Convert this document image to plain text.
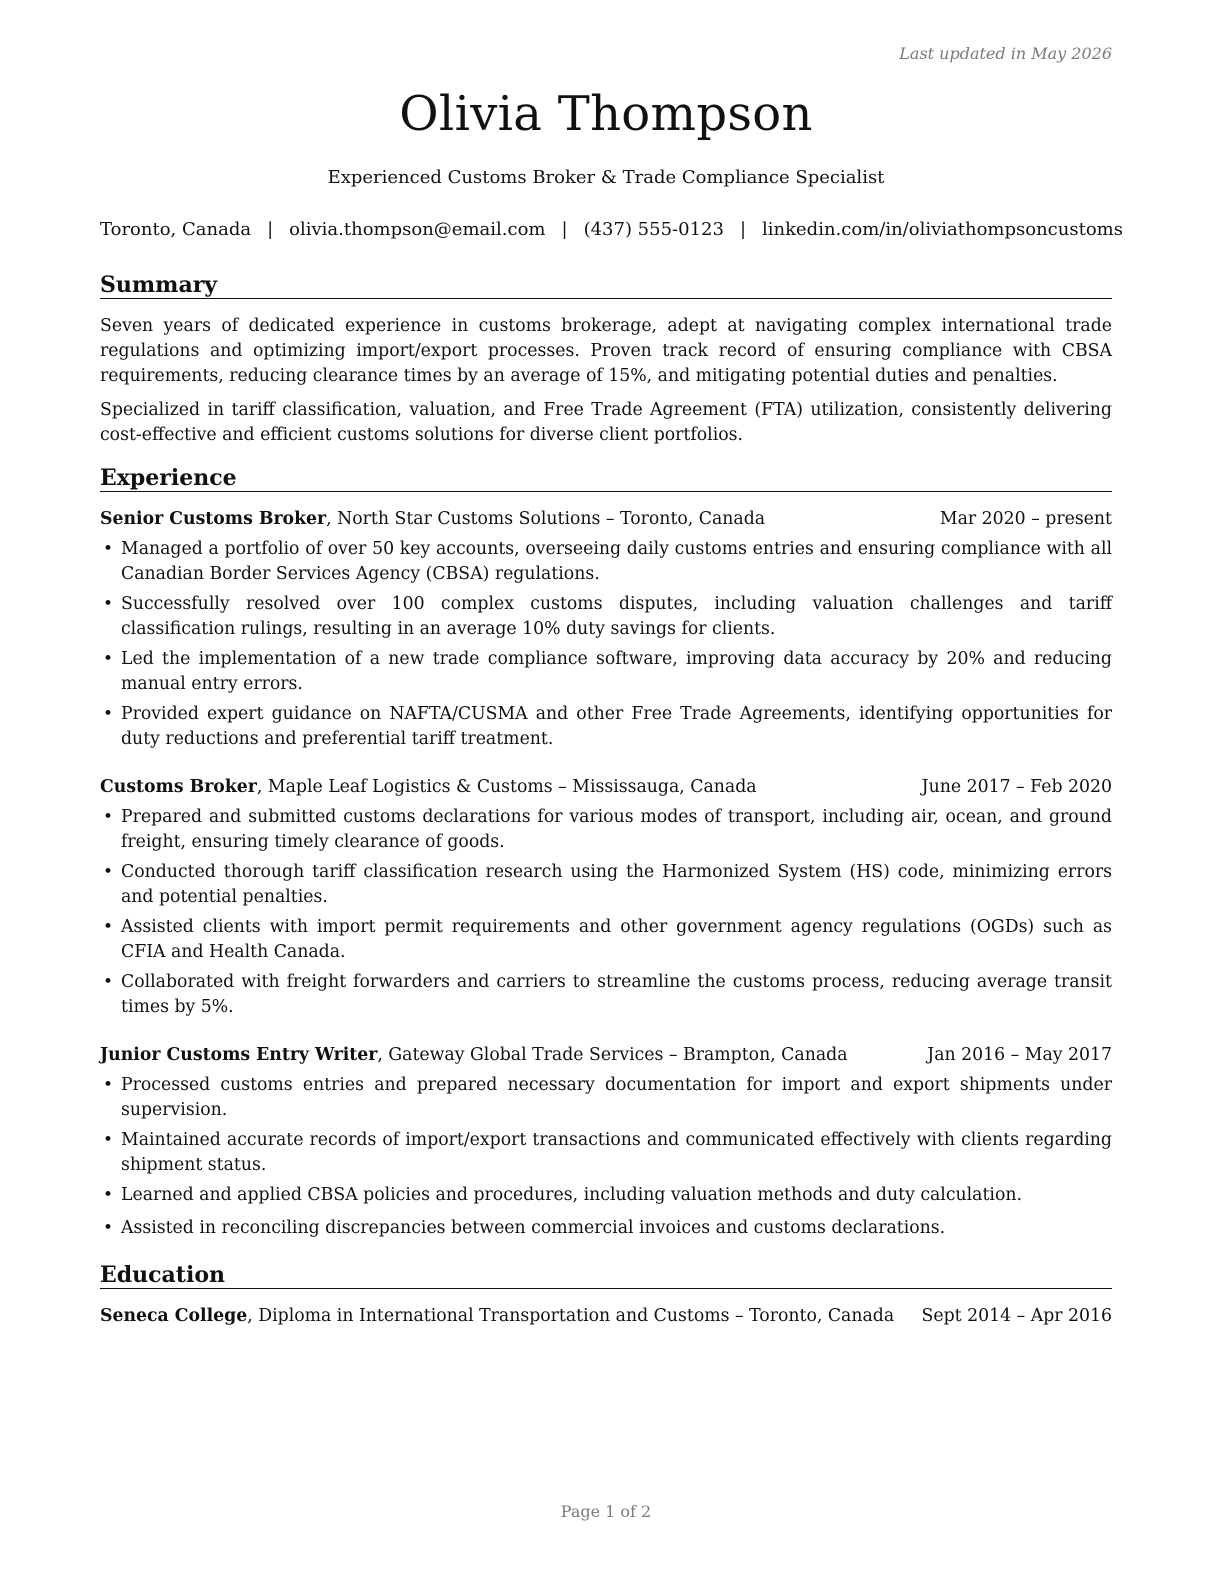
Last updated in May 2026
Olivia Thompson
Experienced Customs Broker & Trade Compliance Specialist
Toronto, Canada | olivia.thompson@email.com | (437) 555-0123 | linkedin.com/in/oliviathompsoncustoms
Summary

Seven years of dedicated experience in customs brokerage, adept at navigating complex international trade regulations and optimizing import/export processes. Proven track record of ensuring compliance with CBSA requirements, reducing clearance times by an average of 15%, and mitigating potential duties and penalties.

Specialized in tariff classification, valuation, and Free Trade Agreement (FTA) utilization, consistently delivering cost-effective and efficient customs solutions for diverse client portfolios.

Experience
Senior Customs Broker, North Star Customs Solutions – Toronto, Canada	Mar 2020 – present
• Managed a portfolio of over 50 key accounts, overseeing daily customs entries and ensuring compliance with all Canadian Border Services Agency (CBSA) regulations.
• Successfully resolved over 100 complex customs disputes, including valuation challenges and tariff classification rulings, resulting in an average 10% duty savings for clients.
• Led the implementation of a new trade compliance software, improving data accuracy by 20% and reducing manual entry errors.
• Provided expert guidance on NAFTA/CUSMA and other Free Trade Agreements, identifying opportunities for duty reductions and preferential tariff treatment.
Customs Broker, Maple Leaf Logistics & Customs – Mississauga, Canada	June 2017 – Feb 2020
• Prepared and submitted customs declarations for various modes of transport, including air, ocean, and ground freight, ensuring timely clearance of goods.
• Conducted thorough tariff classification research using the Harmonized System (HS) code, minimizing errors and potential penalties.
• Assisted clients with import permit requirements and other government agency regulations (OGDs) such as CFIA and Health Canada.
• Collaborated with freight forwarders and carriers to streamline the customs process, reducing average transit times by 5%.
Junior Customs Entry Writer, Gateway Global Trade Services – Brampton, Canada	Jan 2016 – May 2017
• Processed customs entries and prepared necessary documentation for import and export shipments under supervision.
• Maintained accurate records of import/export transactions and communicated effectively with clients regarding shipment status.
• Learned and applied CBSA policies and procedures, including valuation methods and duty calculation.
• Assisted in reconciling discrepancies between commercial invoices and customs declarations.
Education
Seneca College, Diploma in International Transportation and Customs – Toronto, Canada Sept 2014 – Apr 2016
Page 1 of 2
